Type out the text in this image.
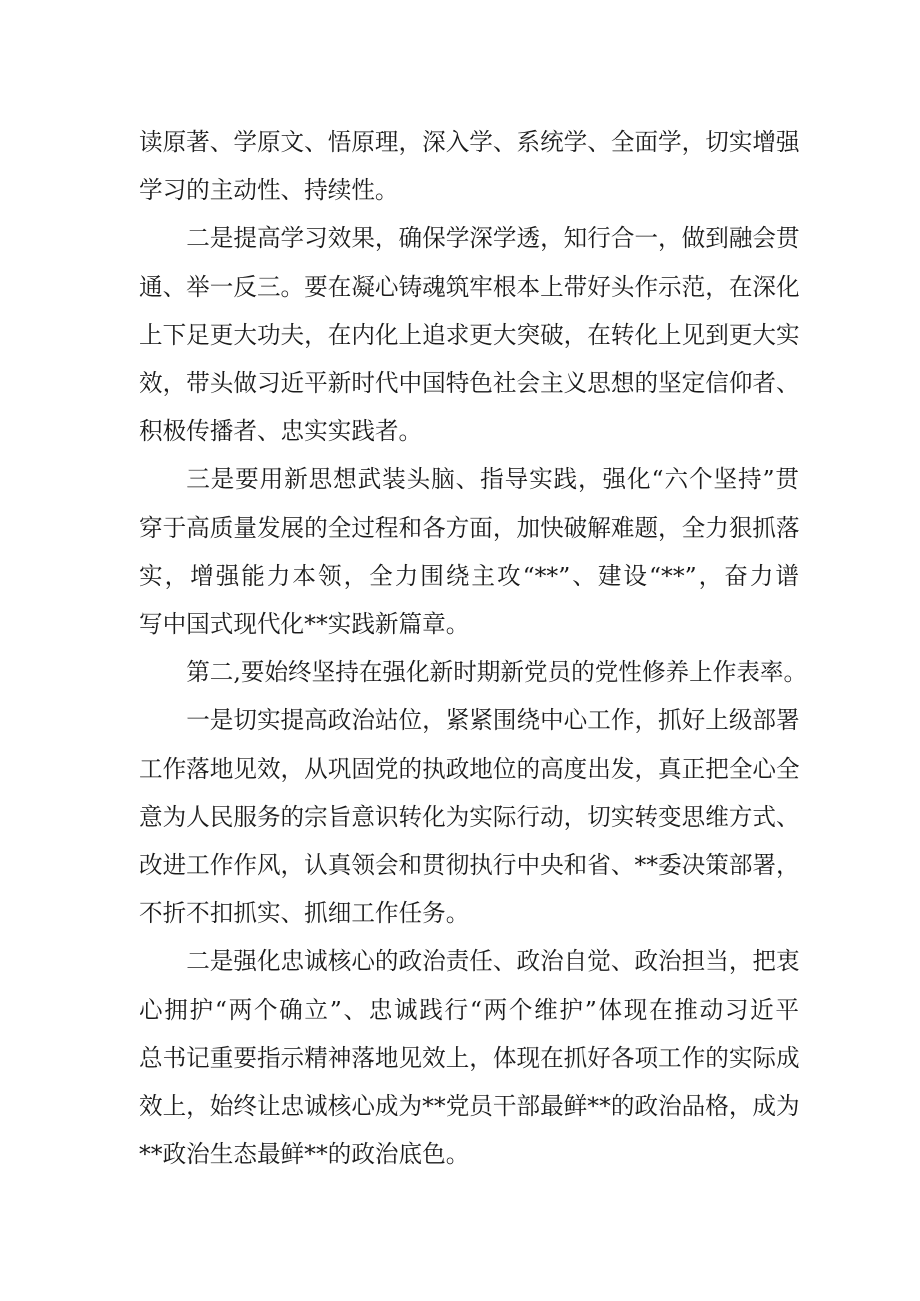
读原著、学原文、悟原理，深入学、系统学、全面学，切实增强
学习的主动性、持续性。

二是提高学习效果，确保学深学透，知行合一，做到融会贯
通、举一反三。要在凝心铸魂筑牢根本上带好头作示范，在深化
上下足更大功夫，在内化上追求更大突破，在转化上见到更大实
效，带头做习近平新时代中国特色社会主义思想的坚定信仰者、
积极传播者、忠实实践者。

三是要用新思想武装头脑、指导实践，强化“六个坚持”贯
穿于高质量发展的全过程和各方面，加快破解难题，全力狠抓落
实，增强能力本领，全力围绕主攻“**”、建设“**”，奋力谱
写中国式现代化**实践新篇章。

第二,要始终坚持在强化新时期新党员的党性修养上作表率。

一是切实提高政治站位，紧紧围绕中心工作，抓好上级部署
工作落地见效，从巩固党的执政地位的高度出发，真正把全心全
意为人民服务的宗旨意识转化为实际行动，切实转变思维方式、
改进工作作风，认真领会和贯彻执行中央和省、**委决策部署，
不折不扣抓实、抓细工作任务。

二是强化忠诚核心的政治责任、政治自觉、政治担当，把衷
心拥护“两个确立”、忠诚践行“两个维护”体现在推动习近平
总书记重要指示精神落地见效上，体现在抓好各项工作的实际成
效上，始终让忠诚核心成为**党员干部最鲜**的政治品格，成为
**政治生态最鲜**的政治底色。
